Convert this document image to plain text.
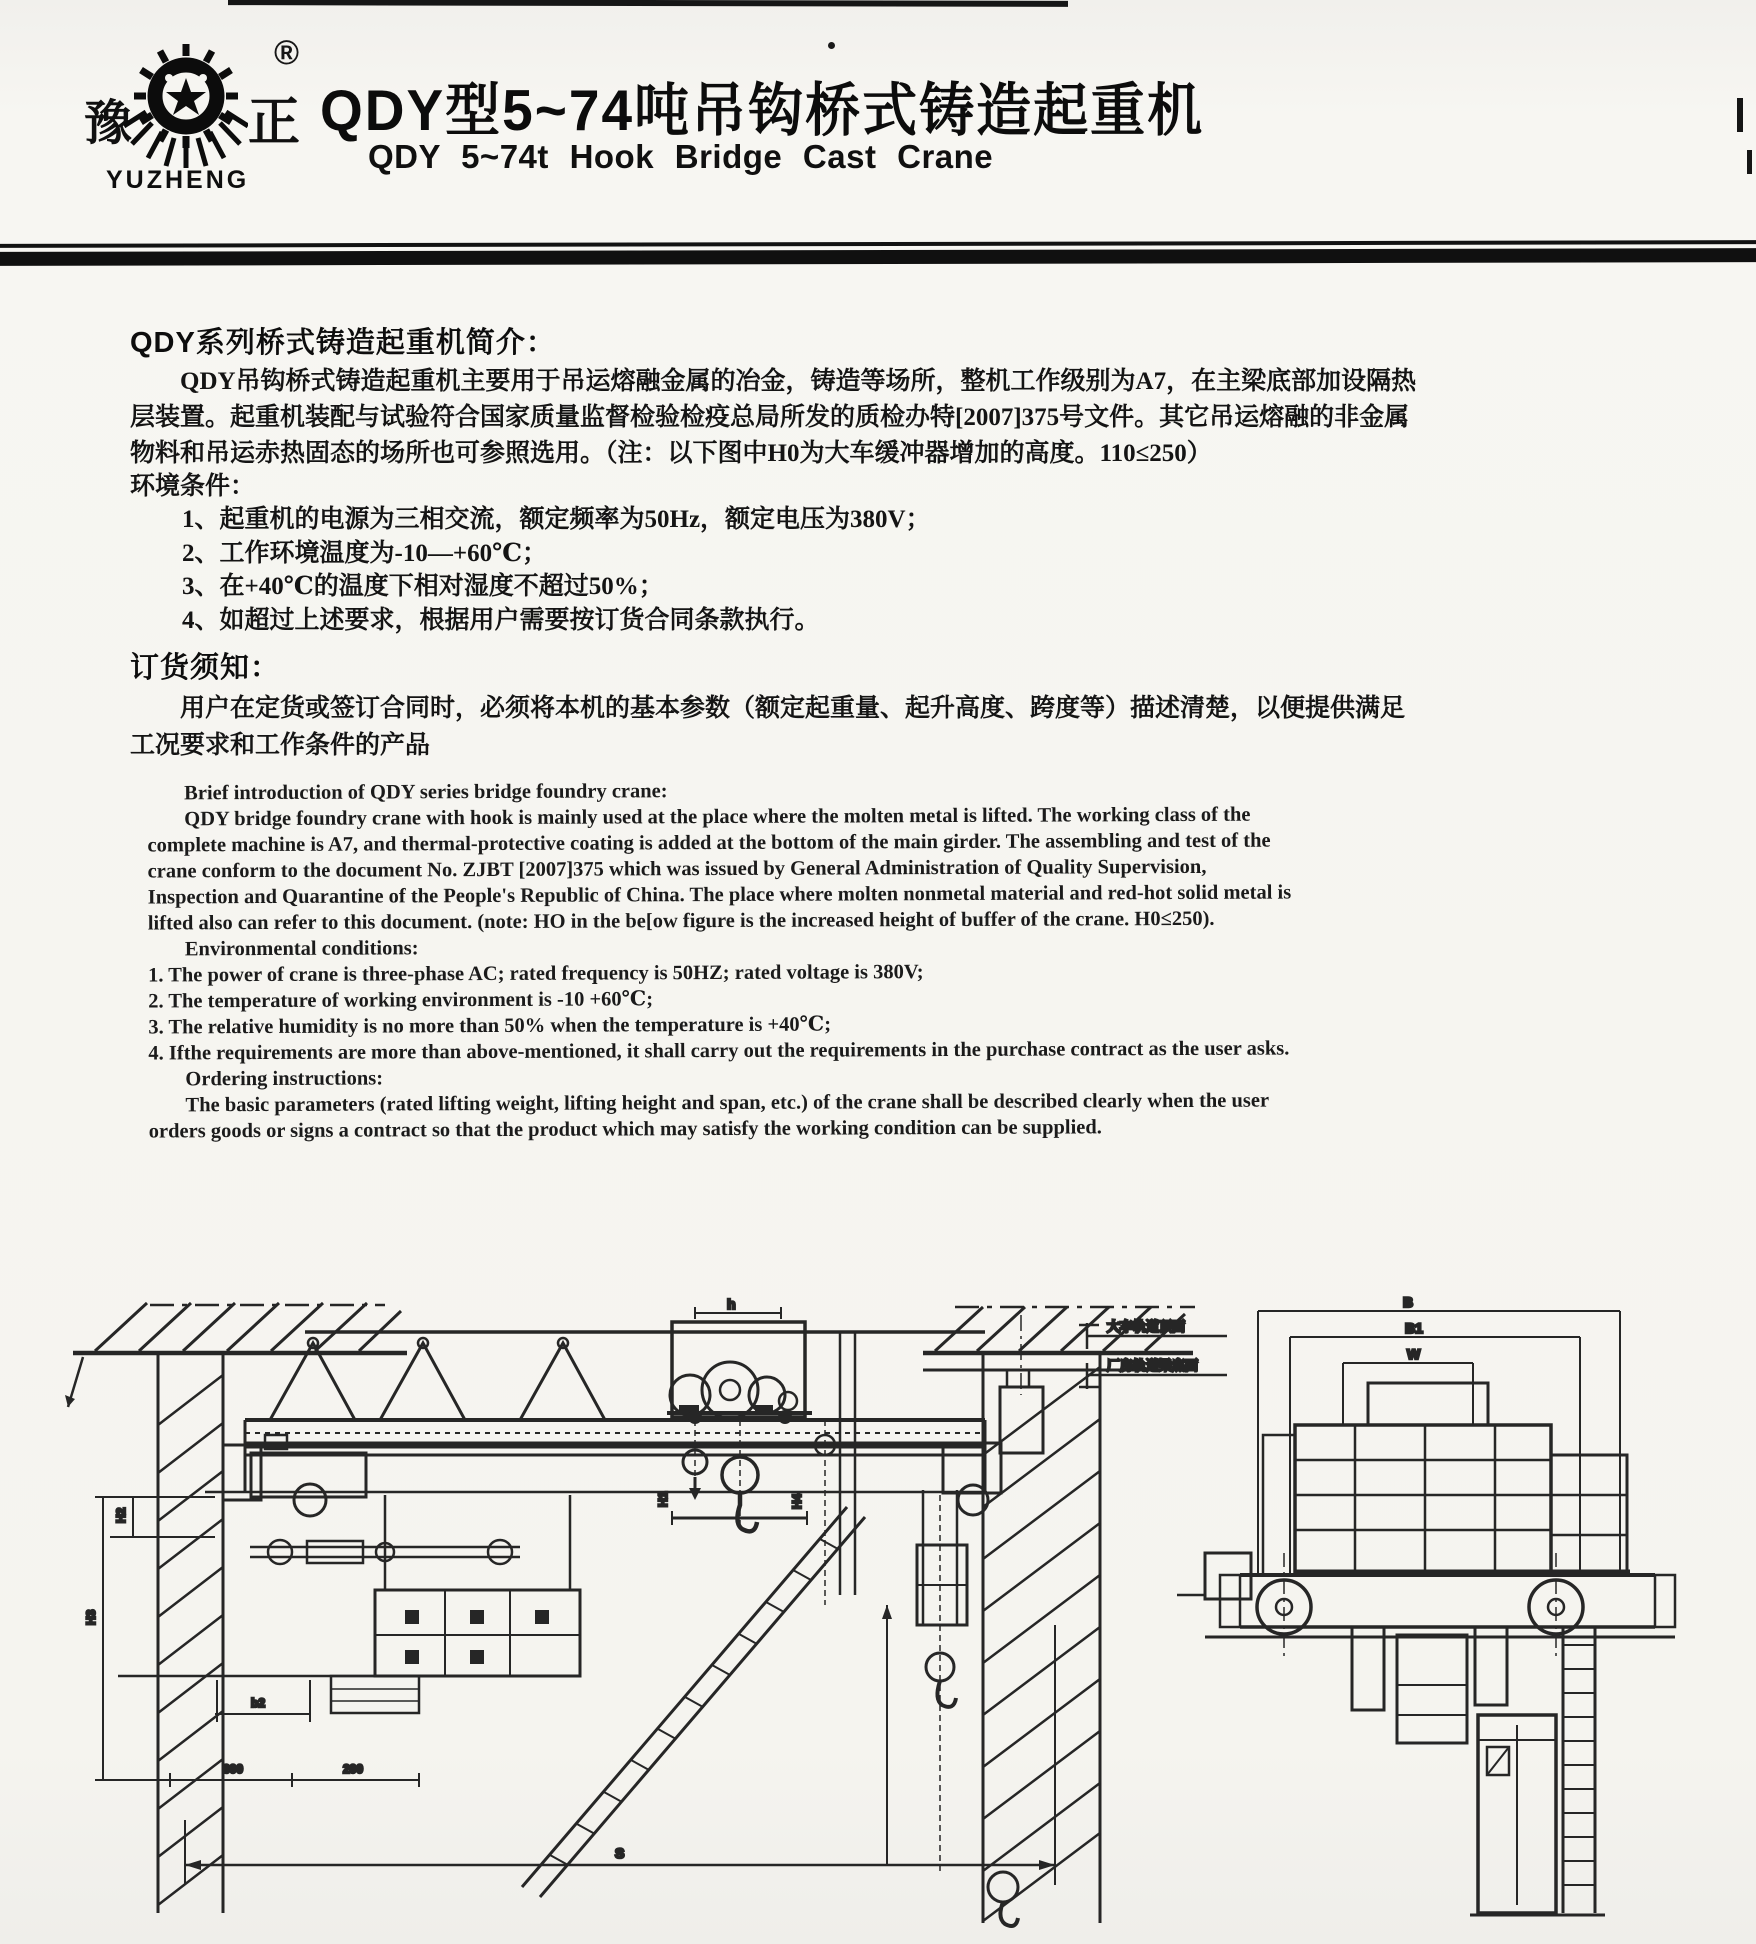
豫 正
®
YUZHENG
QDY型5~74吨吊钩桥式铸造起重机
QDY 5~74t Hook Bridge Cast Crane
QDY系列桥式铸造起重机简介：
QDY吊钩桥式铸造起重机主要用于吊运熔融金属的冶金，铸造等场所，整机工作级别为A7，在主梁底部加设隔热层装置。起重机装配与试验符合国家质量监督检验检疫总局所发的质检办特[2007]375号文件。其它吊运熔融的非金属物料和吊运赤热固态的场所也可参照选用。（注：以下图中H0为大车缓冲器增加的高度。110≤250）
环境条件：
1、起重机的电源为三相交流，额定频率为50Hz，额定电压为380V；
2、工作环境温度为-10—+60℃；
3、在+40℃的温度下相对湿度不超过50%；
4、如超过上述要求，根据用户需要按订货合同条款执行。
订货须知：
用户在定货或签订合同时，必须将本机的基本参数（额定起重量、起升高度、跨度等）描述清楚，以便提供满足工况要求和工作条件的产品

Brief introduction of QDY series bridge foundry crane:

QDY bridge foundry crane with hook is mainly used at the place where the molten metal is lifted. The working class of the complete machine is A7, and thermal-protective coating is added at the bottom of the main girder. The assembling and test of the crane conform to the document No. ZJBT [2007]375 which was issued by General Administration of Quality Supervision, Inspection and Quarantine of the People's Republic of China. The place where molten nonmetal material and red-hot solid metal is lifted also can refer to this document. (note: HO in the be[ow figure is the increased height of buffer of the crane. H0≤250).

Environmental conditions:

1. The power of crane is three-phase AC; rated frequency is 50HZ; rated voltage is 380V;

2. The temperature of working environment is -10 +60℃;

3. The relative humidity is no more than 50% when the temperature is +40℃;

4. Ifthe requirements are more than above-mentioned, it shall carry out the requirements in the purchase contract as the user asks.

Ordering instructions:

The basic parameters (rated lifting weight, lifting height and span, etc.) of the crane shall be described clearly when the user orders goods or signs a contract so that the product which may satisfy the working condition can be supplied.

h
H2
H3
b2
300	200
H1	H4
S
大车轨道顶面
厂房轨道梁底面
B
B1
W
